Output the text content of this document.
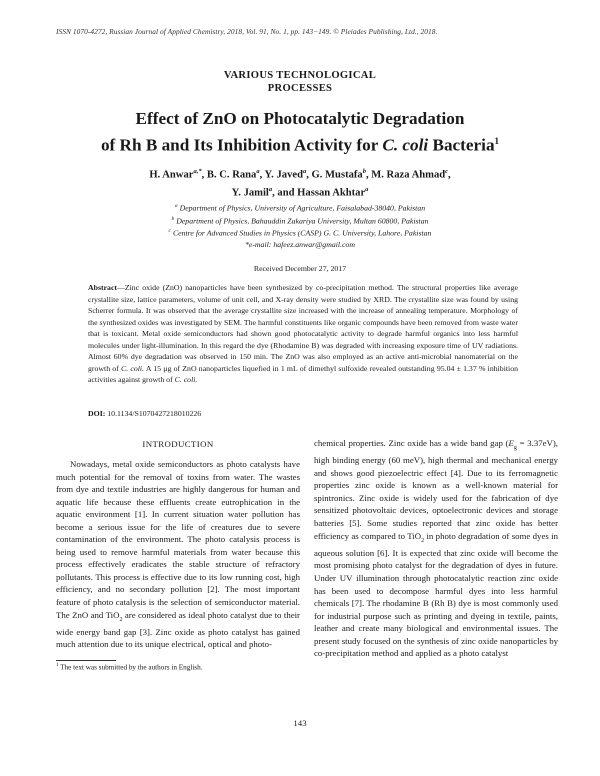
ISSN 1070-4272, Russian Journal of Applied Chemistry, 2018, Vol. 91, No. 1, pp. 143−149. © Pleiades Publishing, Ltd., 2018.
VARIOUS TECHNOLOGICAL
PROCESSES
Effect of ZnO on Photocatalytic Degradation
of Rh B and Its Inhibition Activity for C. coli Bacteria$^1$
H. Anwar$^{a,*}$, B. C. Rana$^a$, Y. Javed$^a$, G. Mustafa$^b$, M. Raza Ahmad$^c$,
Y. Jamil$^a$, and Hassan Akhtar$^a$
$^a$ Department of Physics, University of Agriculture, Faisalabad-38040, Pakistan
$^b$ Department of Physics, Bahauddin Zakariya University, Multan 60800, Pakistan
$^c$ Centre for Advanced Studies in Physics (CASP) G. C. University, Lahore, Pakistan
*e-mail: hafeez.anwar@gmail.com
Received December 27, 2017
Abstract—Zinc oxide (ZnO) nanoparticles have been synthesized by co-precipitation method. The structural properties like average crystallite size, lattice parameters, volume of unit cell, and X-ray density were studied by XRD. The crystallite size was found by using Scherrer formula. It was observed that the average crystallite size increased with the increase of annealing temperature. Morphology of the synthesized oxides was investigated by SEM. The harmful constituents like organic compounds have been removed from waste water that is toxicant. Metal oxide semiconductors had shown good photocatalytic activity to degrade harmful organics into less harmful molecules under light-illumination. In this regard the dye (Rhodamine B) was degraded with increasing exposure time of UV radiations. Almost 60% dye degradation was observed in 150 min. The ZnO was also employed as an active anti-microbial nanomaterial on the growth of C. coli. A 15 μg of ZnO nanoparticles liquefied in 1 mL of dimethyl sulfoxide revealed outstanding 95.04 ± 1.37 % inhibition activities against growth of C. coli.
DOI: 10.1134/S1070427218010226
INTRODUCTION
Nowadays, metal oxide semiconductors as photo catalysts have much potential for the removal of toxins from water. The wastes from dye and textile industries are highly dangerous for human and aquatic life because these effluents create eutrophication in the aquatic environment [1]. In current situation water pollution has become a serious issue for the life of creatures due to severe contamination of the environment. The photo catalysis process is being used to remove harmful materials from water because this process effectively eradicates the stable structure of refractory pollutants. This process is effective due to its low running cost, high efficiency, and no secondary pollution [2]. The most important feature of photo catalysis is the selection of semiconductor material. The ZnO and TiO$_2$ are considered as ideal photo catalyst due to their wide energy band gap [3]. Zinc oxide as photo catalyst has gained much attention due to its unique electrical, optical and photo-
chemical properties. Zinc oxide has a wide band gap $(E_g = 3.37eV)$, high binding energy (60 meV), high thermal and mechanical energy and shows good piezoelectric effect [4]. Due to its ferromagnetic properties zinc oxide is known as a well-known material for spintronics. Zinc oxide is widely used for the fabrication of dye sensitized photovoltaic devices, optoelectronic devices and storage batteries [5]. Some studies reported that zinc oxide has better efficiency as compared to TiO$_2$ in photo degradation of some dyes in aqueous solution [6]. It is expected that zinc oxide will become the most promising photo catalyst for the degradation of dyes in future. Under UV illumination through photocatalytic reaction zinc oxide has been used to decompose harmful dyes into less harmful chemicals [7]. The rhodamine B (Rh B) dye is most commonly used for industrial purpose such as printing and dyeing in textile, paints, leather and create many biological and environmental issues. The present study focused on the synthesis of zinc oxide nanoparticles by co-precipitation method and applied as a photo catalyst
$^1$ The text was submitted by the authors in English.
143
